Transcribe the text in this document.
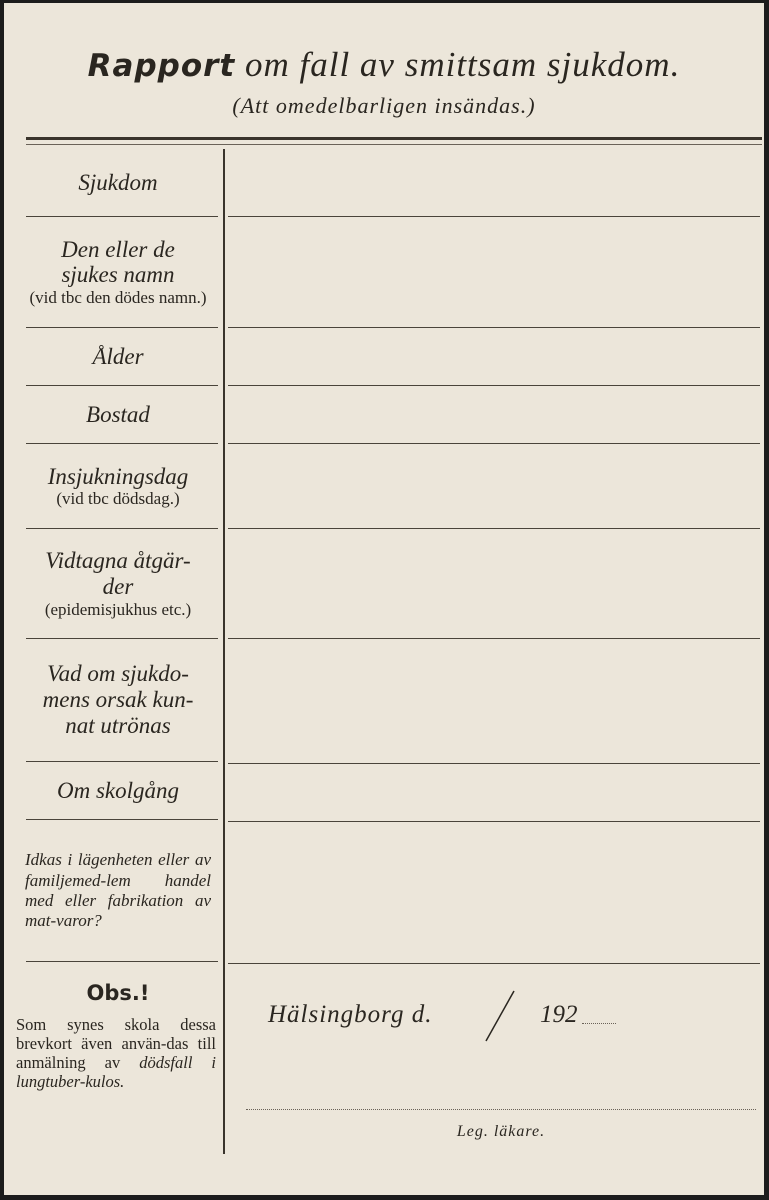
Rapport om fall av smittsam sjukdom.
(Att omedelbarligen insändas.)
Sjukdom
Den eller de sjukes namn
(vid tbc den dödes namn.)
Ålder
Bostad
Insjukningsdag
(vid tbc dödsdag.)
Vidtagna åtgär-der
(epidemisjukhus etc.)
Vad om sjukdo-mens orsak kun-nat utrönas
Om skolgång
Idkas i lägenheten eller av familjemed-lem handel med eller fabrikation av mat-varor?
Obs.!
Som synes skola dessa brevkort även använ-das till anmälning av dödsfall i lungtuber-kulos.
Hälsingborg d.	192
Leg. läkare.
